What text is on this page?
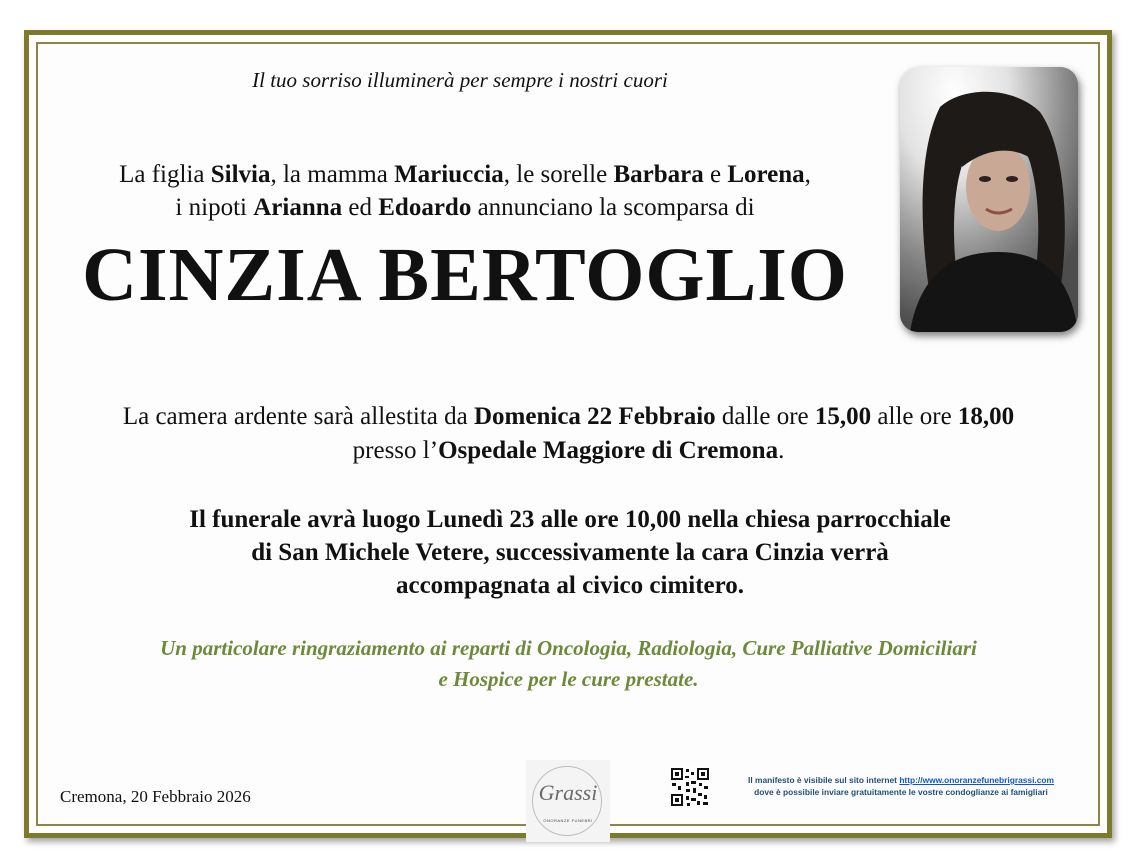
Il tuo sorriso illuminerà per sempre i nostri cuori
La figlia Silvia, la mamma Mariuccia, le sorelle Barbara e Lorena,
i nipoti Arianna ed Edoardo annunciano la scomparsa di
CINZIA BERTOGLIO
La camera ardente sarà allestita da Domenica 22 Febbraio dalle ore 15,00 alle ore 18,00
presso l’Ospedale Maggiore di Cremona.
Il funerale avrà luogo Lunedì 23 alle ore 10,00 nella chiesa parrocchiale
di San Michele Vetere, successivamente la cara Cinzia verrà
accompagnata al civico cimitero.
Un particolare ringraziamento ai reparti di Oncologia, Radiologia, Cure Palliative Domiciliari
e Hospice per le cure prestate.
Cremona, 20 Febbraio 2026	Grassi
ONORANZE FUNEBRI
Il manifesto è visibile sul sito internet http://www.onoranzefunebrigrassi.com
dove è possibile inviare gratuitamente le vostre condoglianze ai famigliari
